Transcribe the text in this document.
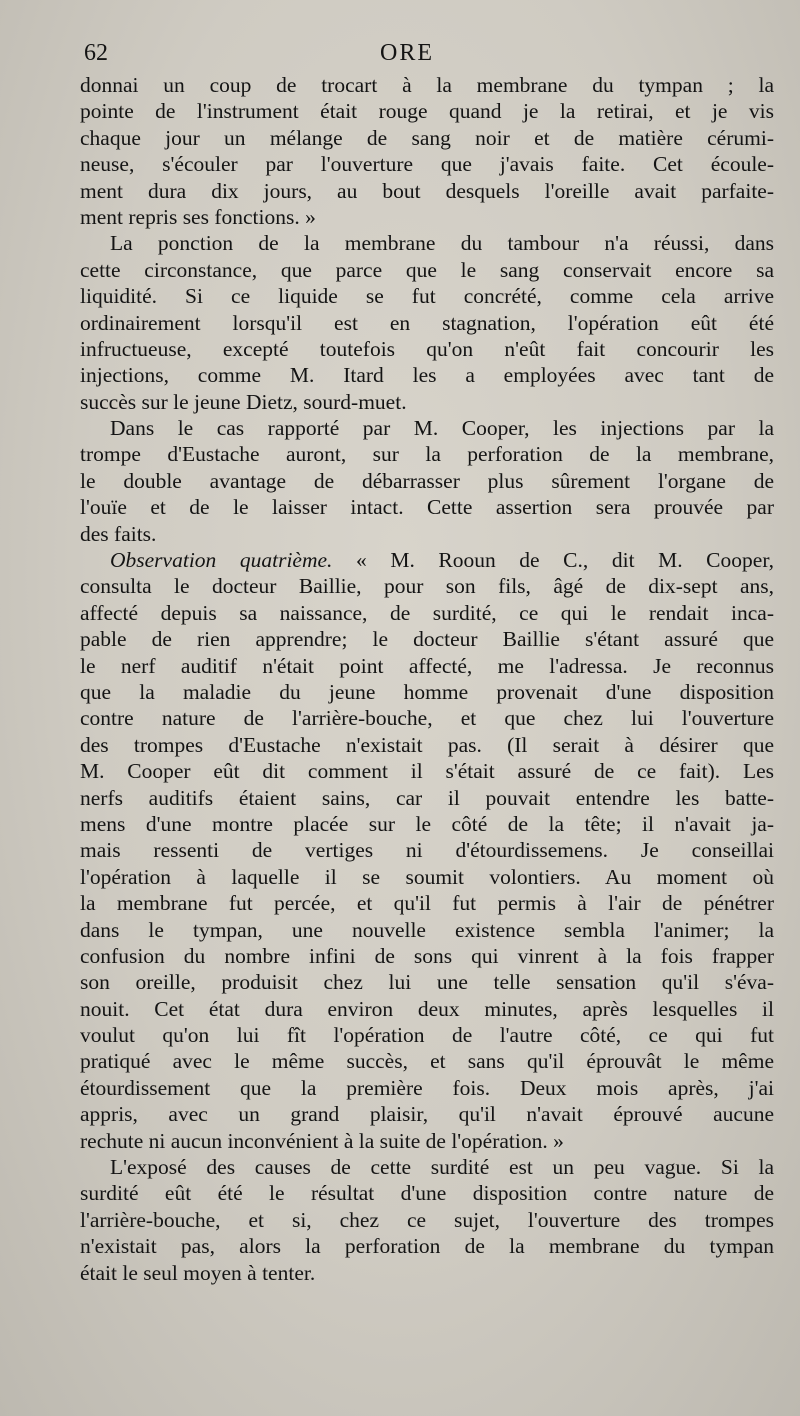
62	ORE
donnai un coup de trocart à la membrane du tympan ; la
pointe de l'instrument était rouge quand je la retirai, et je vis
chaque jour un mélange de sang noir et de matière cérumi-
neuse, s'écouler par l'ouverture que j'avais faite. Cet écoule-
ment dura dix jours, au bout desquels l'oreille avait parfaite-
ment repris ses fonctions. »
La ponction de la membrane du tambour n'a réussi, dans
cette circonstance, que parce que le sang conservait encore sa
liquidité. Si ce liquide se fut concrété, comme cela arrive
ordinairement lorsqu'il est en stagnation, l'opération eût été
infructueuse, excepté toutefois qu'on n'eût fait concourir les
injections, comme M. Itard les a employées avec tant de
succès sur le jeune Dietz, sourd-muet.
Dans le cas rapporté par M. Cooper, les injections par la
trompe d'Eustache auront, sur la perforation de la membrane,
le double avantage de débarrasser plus sûrement l'organe de
l'ouïe et de le laisser intact. Cette assertion sera prouvée par
des faits.
Observation quatrième. « M. Rooun de C., dit M. Cooper,
consulta le docteur Baillie, pour son fils, âgé de dix-sept ans,
affecté depuis sa naissance, de surdité, ce qui le rendait inca-
pable de rien apprendre; le docteur Baillie s'étant assuré que
le nerf auditif n'était point affecté, me l'adressa. Je reconnus
que la maladie du jeune homme provenait d'une disposition
contre nature de l'arrière-bouche, et que chez lui l'ouverture
des trompes d'Eustache n'existait pas. (Il serait à désirer que
M. Cooper eût dit comment il s'était assuré de ce fait). Les
nerfs auditifs étaient sains, car il pouvait entendre les batte-
mens d'une montre placée sur le côté de la tête; il n'avait ja-
mais ressenti de vertiges ni d'étourdissemens. Je conseillai
l'opération à laquelle il se soumit volontiers. Au moment où
la membrane fut percée, et qu'il fut permis à l'air de pénétrer
dans le tympan, une nouvelle existence sembla l'animer; la
confusion du nombre infini de sons qui vinrent à la fois frapper
son oreille, produisit chez lui une telle sensation qu'il s'éva-
nouit. Cet état dura environ deux minutes, après lesquelles il
voulut qu'on lui fît l'opération de l'autre côté, ce qui fut
pratiqué avec le même succès, et sans qu'il éprouvât le même
étourdissement que la première fois. Deux mois après, j'ai
appris, avec un grand plaisir, qu'il n'avait éprouvé aucune
rechute ni aucun inconvénient à la suite de l'opération. »
L'exposé des causes de cette surdité est un peu vague. Si la
surdité eût été le résultat d'une disposition contre nature de
l'arrière-bouche, et si, chez ce sujet, l'ouverture des trompes
n'existait pas, alors la perforation de la membrane du tympan
était le seul moyen à tenter.
